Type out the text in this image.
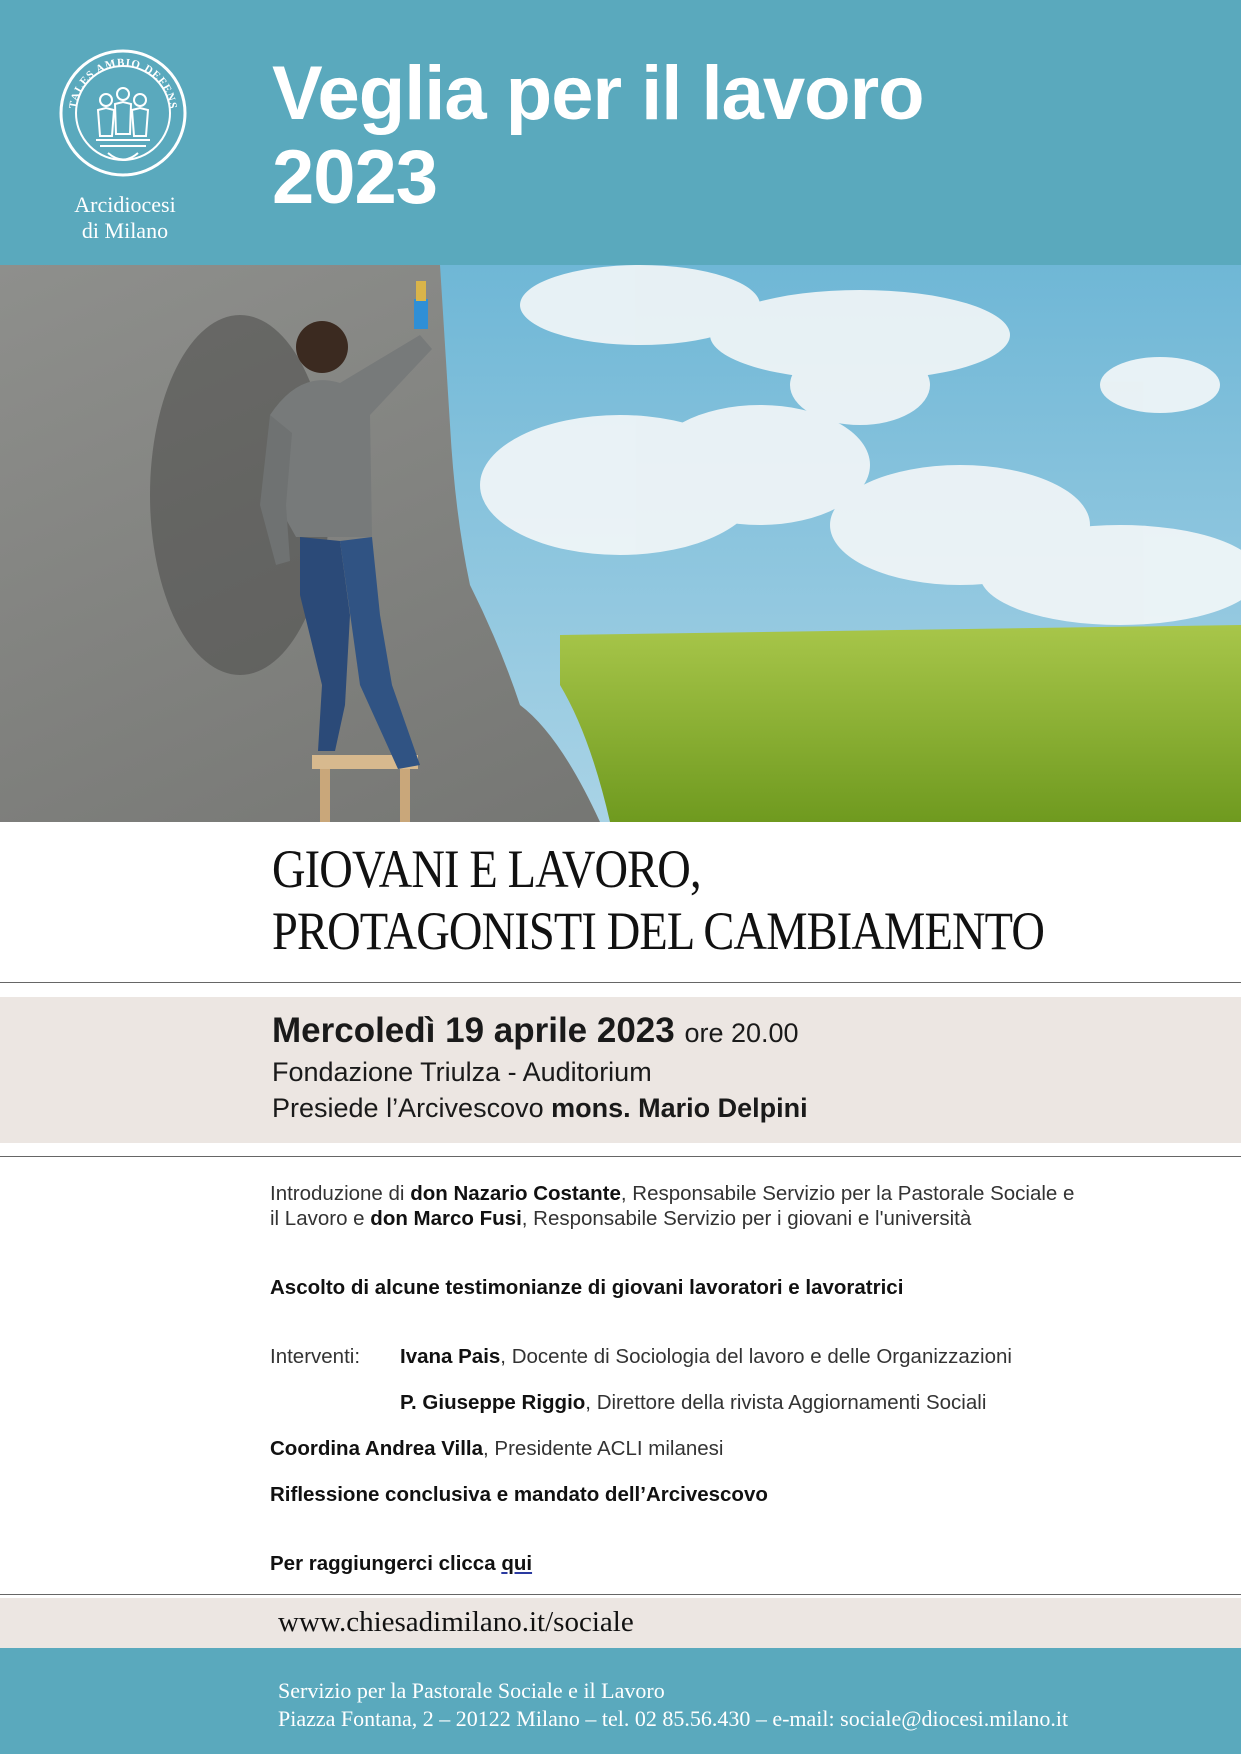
TALES AMBIO DEFENS
Arcidiocesi
di Milano
Veglia per il lavoro
2023
GIOVANI E LAVORO,
PROTAGONISTI DEL CAMBIAMENTO
Mercoledì 19 aprile 2023 ore 20.00
Fondazione Triulza - Auditorium
Presiede l’Arcivescovo mons. Mario Delpini
Introduzione di don Nazario Costante, Responsabile Servizio per la Pastorale Sociale e
il Lavoro e don Marco Fusi, Responsabile Servizio per i giovani e l'università
Ascolto di alcune testimonianze di giovani lavoratori e lavoratrici
Interventi: Ivana Pais, Docente di Sociologia del lavoro e delle Organizzazioni
P. Giuseppe Riggio, Direttore della rivista Aggiornamenti Sociali
Coordina Andrea Villa, Presidente ACLI milanesi
Riflessione conclusiva e mandato dell’Arcivescovo
Per raggiungerci clicca qui
www.chiesadimilano.it/sociale
Servizio per la Pastorale Sociale e il Lavoro
Piazza Fontana, 2 – 20122 Milano – tel. 02 85.56.430 – e-mail: sociale@diocesi.milano.it
